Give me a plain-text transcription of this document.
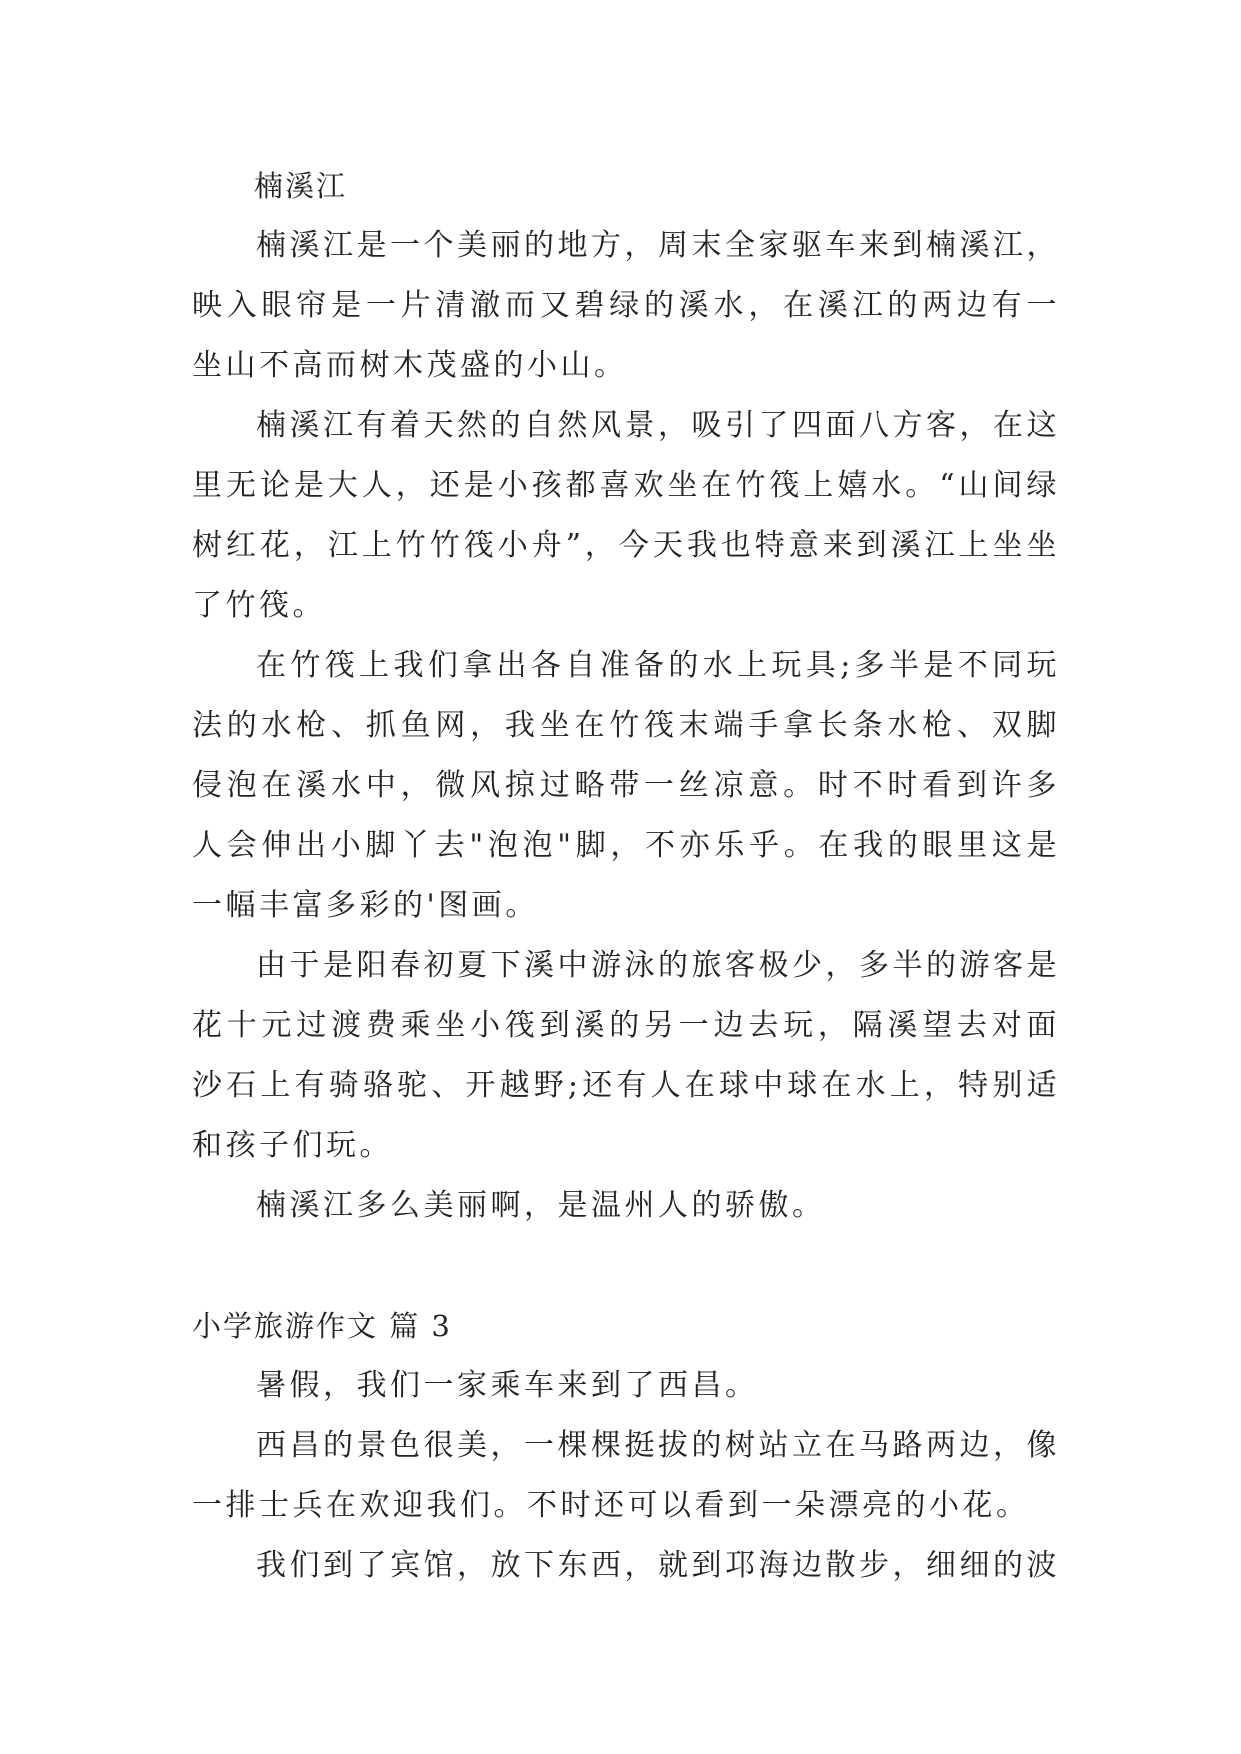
楠溪江

楠溪江是一个美丽的地方，周末全家驱车来到楠溪江，映入眼帘是一片清澈而又碧绿的溪水，在溪江的两边有一坐山不高而树木茂盛的小山。

楠溪江有着天然的自然风景，吸引了四面八方客，在这里无论是大人，还是小孩都喜欢坐在竹筏上嬉水。“山间绿树红花，江上竹竹筏小舟”，今天我也特意来到溪江上坐坐了竹筏。

在竹筏上我们拿出各自准备的水上玩具;多半是不同玩法的水枪、抓鱼网，我坐在竹筏末端手拿长条水枪、双脚侵泡在溪水中，微风掠过略带一丝凉意。时不时看到许多人会伸出小脚丫去"泡泡"脚，不亦乐乎。在我的眼里这是一幅丰富多彩的'图画。

由于是阳春初夏下溪中游泳的旅客极少，多半的游客是花十元过渡费乘坐小筏到溪的另一边去玩，隔溪望去对面沙石上有骑骆驼、开越野;还有人在球中球在水上，特别适和孩子们玩。

楠溪江多么美丽啊，是温州人的骄傲。

小学旅游作文 篇 3

暑假，我们一家乘车来到了西昌。

西昌的景色很美，一棵棵挺拔的树站立在马路两边，像一排士兵在欢迎我们。不时还可以看到一朵漂亮的小花。

我们到了宾馆，放下东西，就到邛海边散步，细细的波
